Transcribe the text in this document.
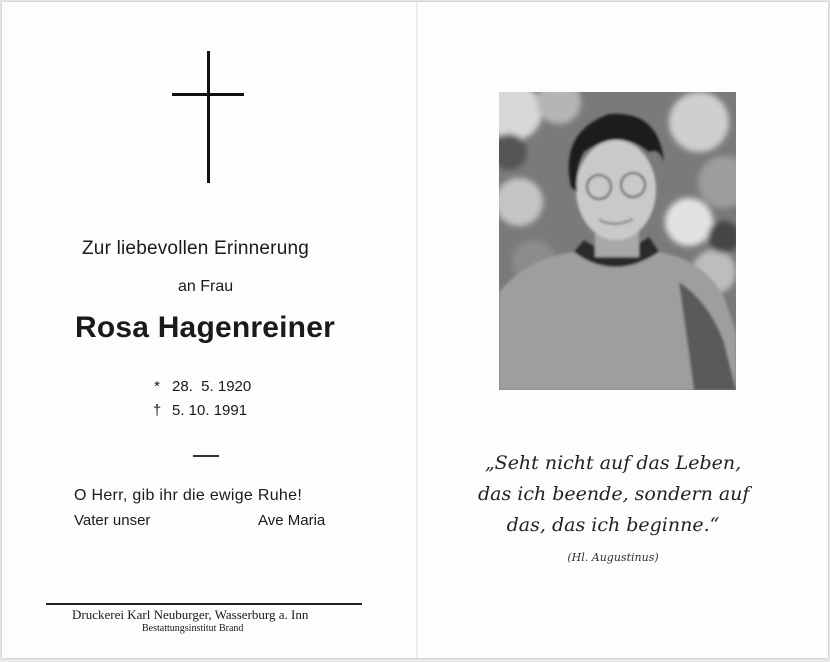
Zur liebevollen Erinnerung
an Frau
Rosa Hagenreiner
* 28.  5. 1920
† 5. 10. 1991
O Herr, gib ihr die ewige Ruhe!
Vater unser	Ave Maria
Druckerei Karl Neuburger, Wasserburg a. Inn
Bestattungsinstitut Brand
„Seht nicht auf das Leben,
das ich beende, sondern auf
das, das ich beginne.“
(Hl. Augustinus)
